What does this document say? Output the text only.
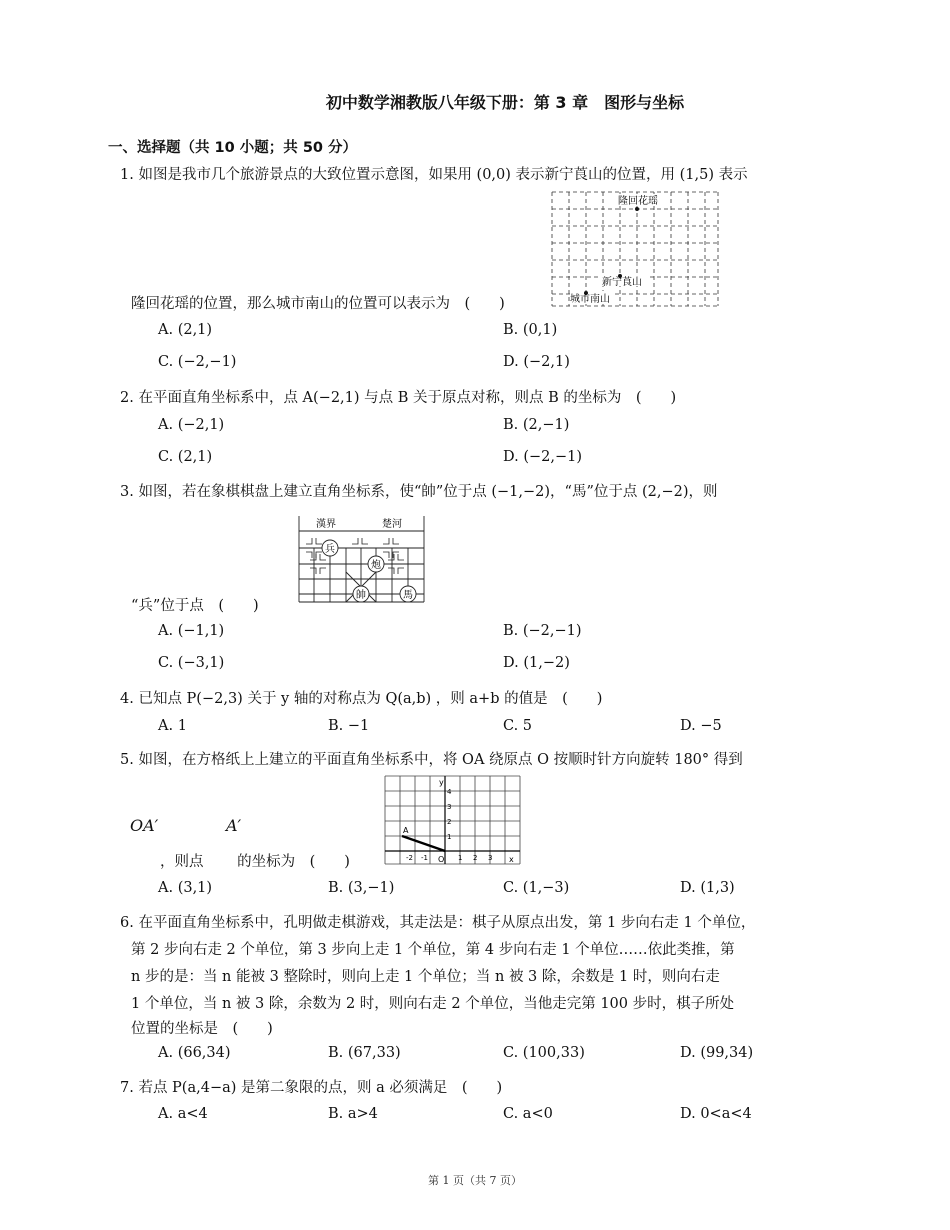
初中数学湘教版八年级下册：第 3 章　图形与坐标
一、选择题（共 10 小题；共 50 分）
1. 如图是我市几个旅游景点的大致位置示意图，如果用 (0,0) 表示新宁莨山的位置，用 (1,5) 表示
隆回花瑶
新宁莨山
城市南山
隆回花瑶的位置，那么城市南山的位置可以表示为　(　　)
A. (2,1)	B. (0,1)
C. (−2,−1)	D. (−2,1)
2. 在平面直角坐标系中，点 A(−2,1) 与点 B 关于原点对称，则点 B 的坐标为　(　　)
A. (−2,1)	B. (2,−1)
C. (2,1)	D. (−2,−1)
3. 如图，若在象棋棋盘上建立直角坐标系，使“帥”位于点 (−1,−2)，“馬”位于点 (2,−2)，则
漢界	楚河
兵
炮
帥	馬
“兵”位于点　(　　)
A. (−1,1)	B. (−2,−1)
C. (−3,1)	D. (1,−2)
4. 已知点 P(−2,3) 关于 y 轴的对称点为 Q(a,b) ，则 a+b 的值是　(　　)
A. 1	B. −1	C. 5	D. −5
5. 如图，在方格纸上上建立的平面直角坐标系中，将 OA 绕原点 O 按顺时针方向旋转 180° 得到
OA′	A′
y
x
O
A
4
3
2
1
-2 -1	1 2 3
，则点　　 的坐标为　(　　)
A. (3,1)	B. (3,−1)	C. (1,−3)	D. (1,3)
6. 在平面直角坐标系中，孔明做走棋游戏，其走法是：棋子从原点出发，第 1 步向右走 1 个单位，
第 2 步向右走 2 个单位，第 3 步向上走 1 个单位，第 4 步向右走 1 个单位……依此类推，第
n 步的是：当 n 能被 3 整除时，则向上走 1 个单位；当 n 被 3 除，余数是 1 时，则向右走
1 个单位，当 n 被 3 除，余数为 2 时，则向右走 2 个单位，当他走完第 100 步时，棋子所处
位置的坐标是　(　　)
A. (66,34)	B. (67,33)	C. (100,33)	D. (99,34)
7. 若点 P(a,4−a) 是第二象限的点，则 a 必须满足　(　　)
A. a<4	B. a>4	C. a<0	D. 0<a<4
第 1 页（共 7 页）
